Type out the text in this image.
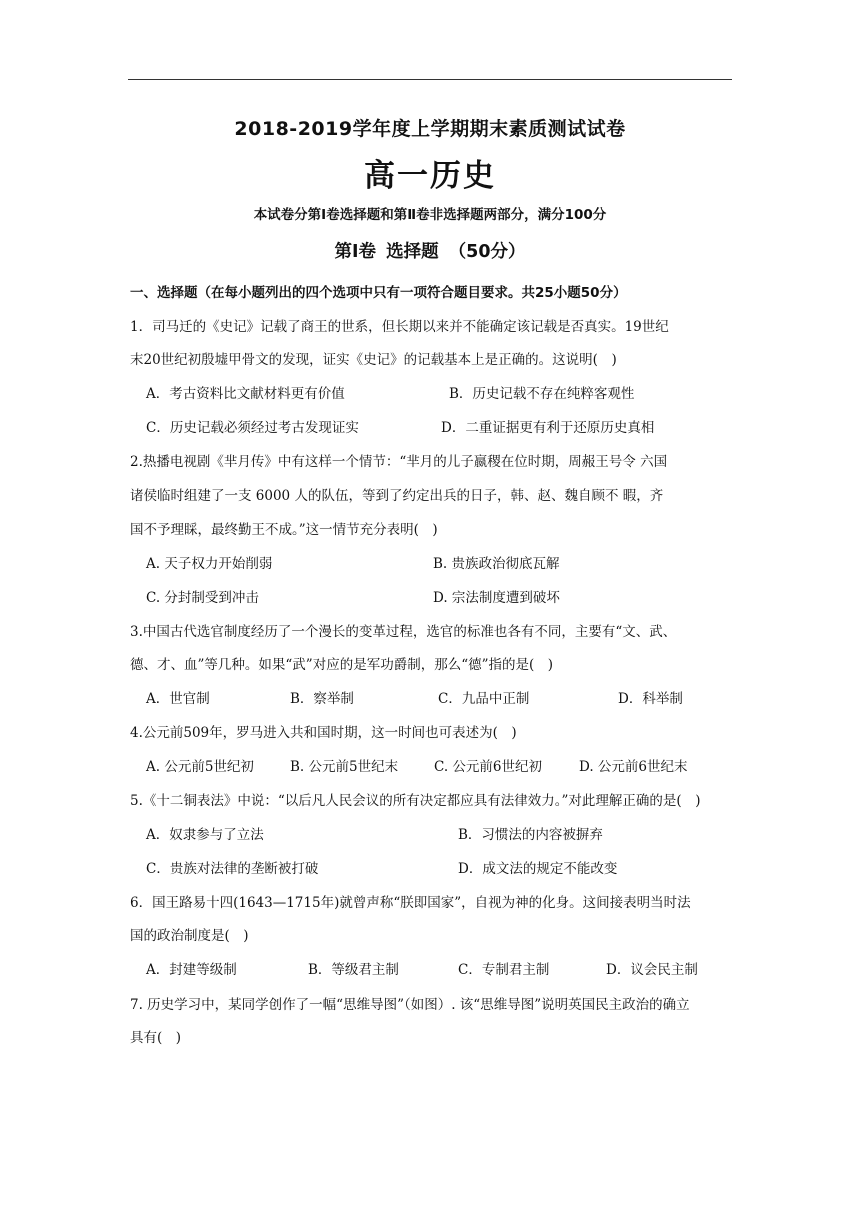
2018-2019学年度上学期期末素质测试试卷
高一历史
本试卷分第Ⅰ卷选择题和第Ⅱ卷非选择题两部分，满分100分
第Ⅰ卷 选择题 （50分）
一、选择题（在每小题列出的四个选项中只有一项符合题目要求。共25小题50分）
1．司马迁的《史记》记载了商王的世系，但长期以来并不能确定该记载是否真实。19世纪
末20世纪初殷墟甲骨文的发现，证实《史记》的记载基本上是正确的。这说明(　)
A．考古资料比文献材料更有价值	B．历史记载不存在纯粹客观性
C．历史记载必须经过考古发现证实	D．二重证据更有利于还原历史真相
2.热播电视剧《芈月传》中有这样一个情节：“芈月的儿子嬴稷在位时期，周赧王号令 六国
诸侯临时组建了一支 6000 人的队伍，等到了约定出兵的日子，韩、赵、魏自顾不 暇，齐
国不予理睬，最终勤王不成。”这一情节充分表明(　)
A. 天子权力开始削弱	B. 贵族政治彻底瓦解
C. 分封制受到冲击	D. 宗法制度遭到破坏
3.中国古代选官制度经历了一个漫长的变革过程，选官的标准也各有不同，主要有“文、武、
德、才、血”等几种。如果“武”对应的是军功爵制，那么“德”指的是(　)
A．世官制	B．察举制	C．九品中正制	D．科举制
4.公元前509年，罗马进入共和国时期，这一时间也可表述为(　)
A. 公元前5世纪初	B. 公元前5世纪末	C. 公元前6世纪初	D. 公元前6世纪末
5.《十二铜表法》中说：“以后凡人民会议的所有决定都应具有法律效力。”对此理解正确的是(　)
A．奴隶参与了立法	B．习惯法的内容被摒弃
C．贵族对法律的垄断被打破	D．成文法的规定不能改变
6．国王路易十四(1643—1715年)就曾声称“朕即国家”，自视为神的化身。这间接表明当时法
国的政治制度是(　)
A．封建等级制	B．等级君主制	C．专制君主制	D．议会民主制
7. 历史学习中，某同学创作了一幅“思维导图”（如图）. 该“思维导图”说明英国民主政治的确立
具有(　)
